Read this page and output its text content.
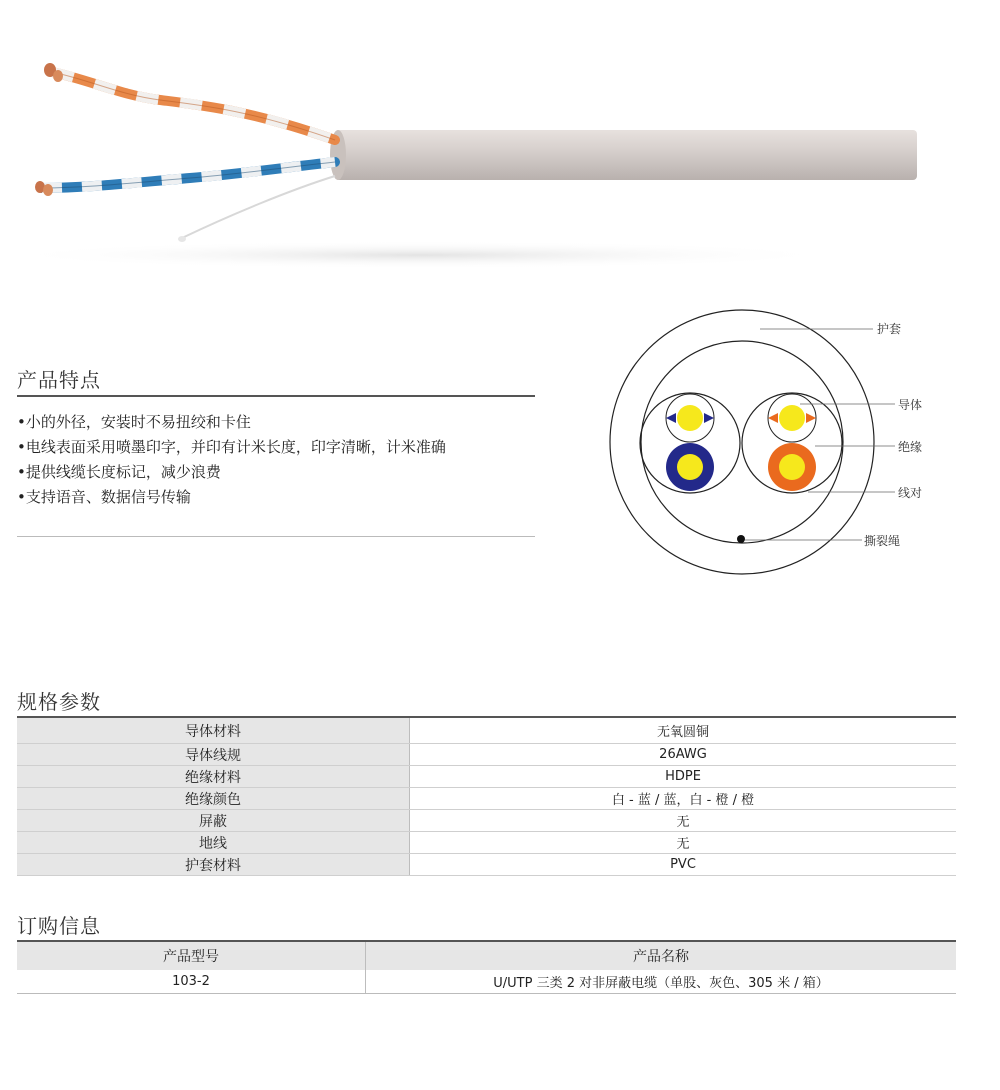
产品特点
• 小的外径，安装时不易扭绞和卡住
• 电线表面采用喷墨印字，并印有计米长度，印字清晰，计米准确
• 提供线缆长度标记，减少浪费
• 支持语音、数据信号传输
护套
导体
绝缘
线对
撕裂绳
规格参数
导体材料	无氧圆铜
导体线规	26AWG
绝缘材料	HDPE
绝缘颜色	白 - 蓝 / 蓝，白 - 橙 / 橙
屏蔽	无
地线	无
护套材料	PVC
订购信息
产品型号	产品名称
103-2	U/UTP 三类 2 对非屏蔽电缆（单股、灰色、305 米 / 箱）
